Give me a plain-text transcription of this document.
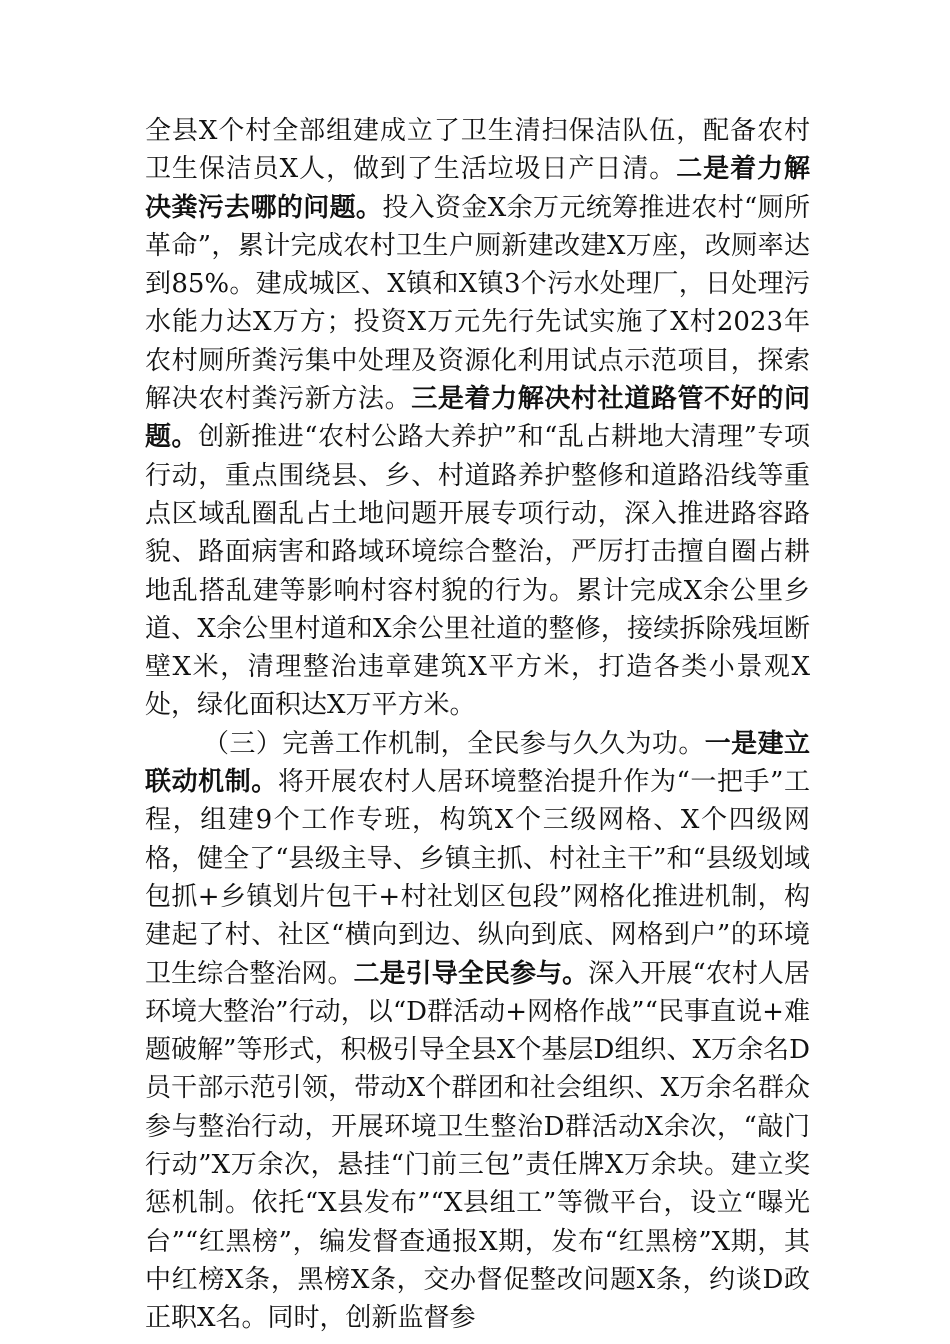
全县X个村全部组建成立了卫生清扫保洁队伍，配备农村卫生保洁员X人，做到了生活垃圾日产日清。二是着力解决粪污去哪的问题。投入资金X余万元统筹推进农村“厕所革命”，累计完成农村卫生户厕新建改建X万座，改厕率达到85%。建成城区、X镇和X镇3个污水处理厂，日处理污水能力达X万方；投资X万元先行先试实施了X村2023年农村厕所粪污集中处理及资源化利用试点示范项目，探索解决农村粪污新方法。三是着力解决村社道路管不好的问题。创新推进“农村公路大养护”和“乱占耕地大清理”专项行动，重点围绕县、乡、村道路养护整修和道路沿线等重点区域乱圈乱占土地问题开展专项行动，深入推进路容路貌、路面病害和路域环境综合整治，严厉打击擅自圈占耕地乱搭乱建等影响村容村貌的行为。累计完成X余公里乡道、X余公里村道和X余公里社道的整修，接续拆除残垣断壁X米，清理整治违章建筑X平方米，打造各类小景观X处，绿化面积达X万平方米。

（三）完善工作机制，全民参与久久为功。一是建立联动机制。将开展农村人居环境整治提升作为“一把手”工程，组建9个工作专班，构筑X个三级网格、X个四级网格，健全了“县级主导、乡镇主抓、村社主干”和“县级划域包抓+乡镇划片包干+村社划区包段”网格化推进机制，构建起了村、社区“横向到边、纵向到底、网格到户”的环境卫生综合整治网。二是引导全民参与。深入开展“农村人居环境大整治”行动，以“D群活动+网格作战”“民事直说+难题破解”等形式，积极引导全县X个基层D组织、X万余名D员干部示范引领，带动X个群团和社会组织、X万余名群众参与整治行动，开展环境卫生整治D群活动X余次，“敲门行动”X万余次，悬挂“门前三包”责任牌X万余块。建立奖惩机制。依托“X县发布”“X县组工”等微平台，设立“曝光台”“红黑榜”，编发督查通报X期，发布“红黑榜”X期，其中红榜X条，黑榜X条，交办督促整改问题X条，约谈D政正职X名。同时，创新监督参
